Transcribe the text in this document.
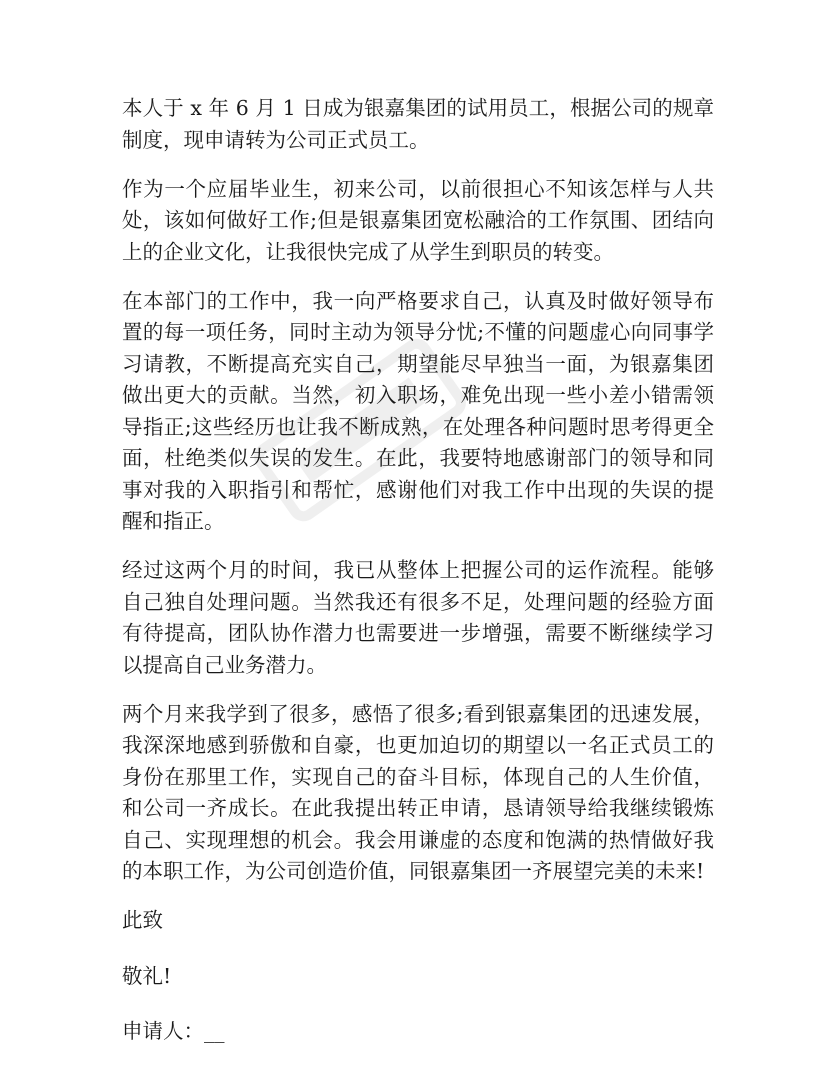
本人于 x 年 6 月 1 日成为银嘉集团的试用员工，根据公司的规章制度，现申请转为公司正式员工。

作为一个应届毕业生，初来公司，以前很担心不知该怎样与人共处，该如何做好工作;但是银嘉集团宽松融洽的工作氛围、团结向上的企业文化，让我很快完成了从学生到职员的转变。

在本部门的工作中，我一向严格要求自己，认真及时做好领导布置的每一项任务，同时主动为领导分忧;不懂的问题虚心向同事学习请教，不断提高充实自己，期望能尽早独当一面，为银嘉集团做出更大的贡献。当然，初入职场，难免出现一些小差小错需领导指正;这些经历也让我不断成熟，在处理各种问题时思考得更全面，杜绝类似失误的发生。在此，我要特地感谢部门的领导和同事对我的入职指引和帮忙，感谢他们对我工作中出现的失误的提醒和指正。

经过这两个月的时间，我已从整体上把握公司的运作流程。能够自己独自处理问题。当然我还有很多不足，处理问题的经验方面有待提高，团队协作潜力也需要进一步增强，需要不断继续学习以提高自己业务潜力。

两个月来我学到了很多，感悟了很多;看到银嘉集团的迅速发展，我深深地感到骄傲和自豪，也更加迫切的期望以一名正式员工的身份在那里工作，实现自己的奋斗目标，体现自己的人生价值，和公司一齐成长。在此我提出转正申请，恳请领导给我继续锻炼自己、实现理想的机会。我会用谦虚的态度和饱满的热情做好我的本职工作，为公司创造价值，同银嘉集团一齐展望完美的未来!

此致

敬礼!

申请人：__
